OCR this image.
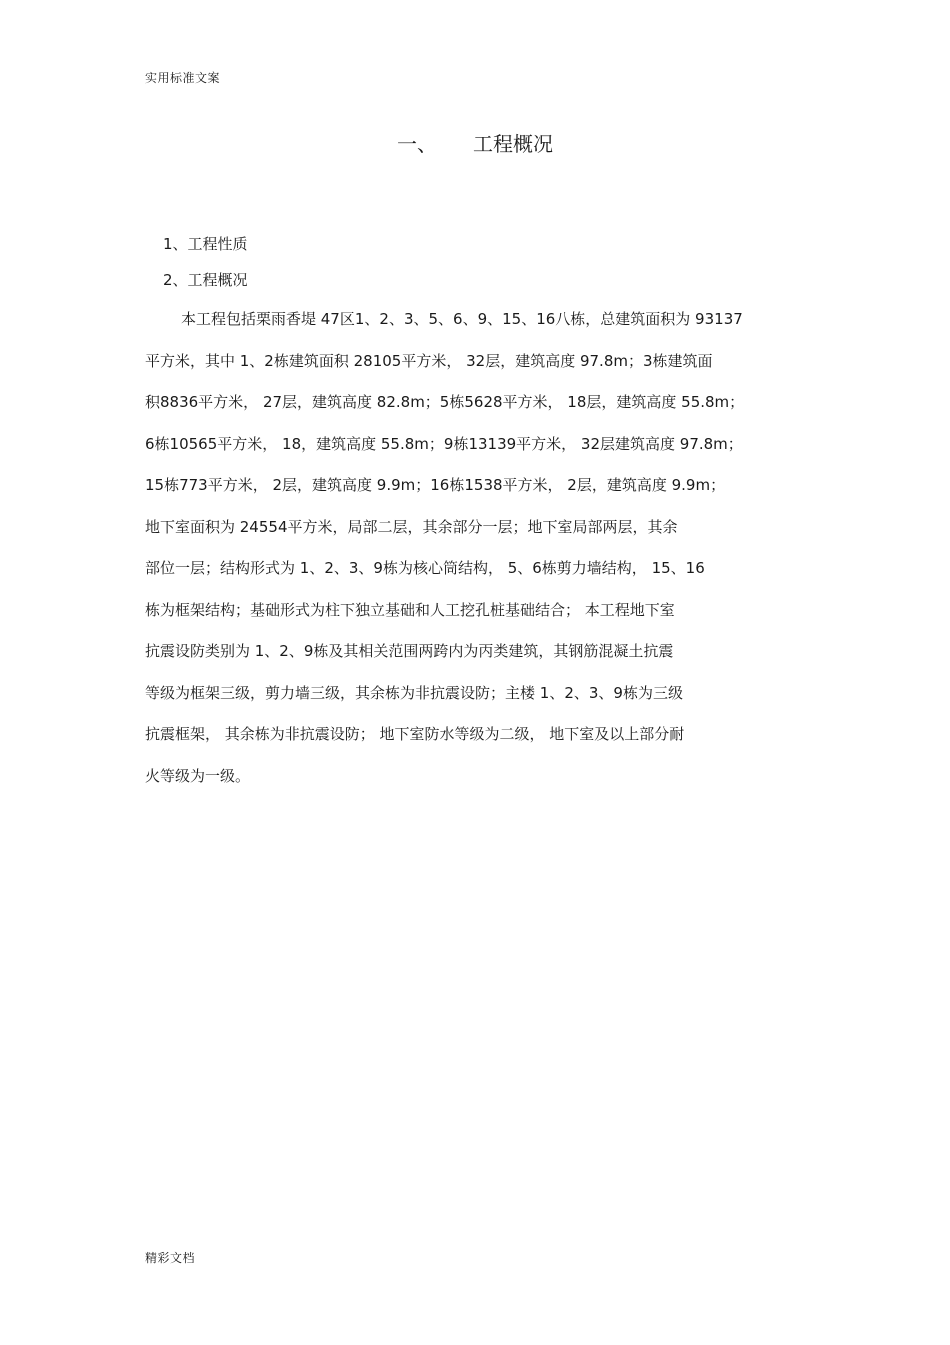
实用标准文案
一、 工程概况
1、工程性质
2、工程概况
本工程包括栗雨香堤 47区1、2、3、5、6、9、15、16八栋，总建筑面积为 93137
平方米，其中 1、2栋建筑面积 28105平方米， 32层，建筑高度 97.8m；3栋建筑面
积8836平方米， 27层，建筑高度 82.8m；5栋5628平方米， 18层，建筑高度 55.8m；
6栋10565平方米， 18，建筑高度 55.8m；9栋13139平方米， 32层建筑高度 97.8m；
15栋773平方米， 2层，建筑高度 9.9m；16栋1538平方米， 2层，建筑高度 9.9m；
地下室面积为 24554平方米，局部二层，其余部分一层；地下室局部两层，其余
部位一层；结构形式为 1、2、3、9栋为核心筒结构， 5、6栋剪力墙结构， 15、16
栋为框架结构；基础形式为柱下独立基础和人工挖孔桩基础结合； 本工程地下室
抗震设防类别为 1、2、9栋及其相关范围两跨内为丙类建筑，其钢筋混凝土抗震
等级为框架三级，剪力墙三级，其余栋为非抗震设防；主楼 1、2、3、9栋为三级
抗震框架， 其余栋为非抗震设防； 地下室防水等级为二级， 地下室及以上部分耐
火等级为一级。
精彩文档
